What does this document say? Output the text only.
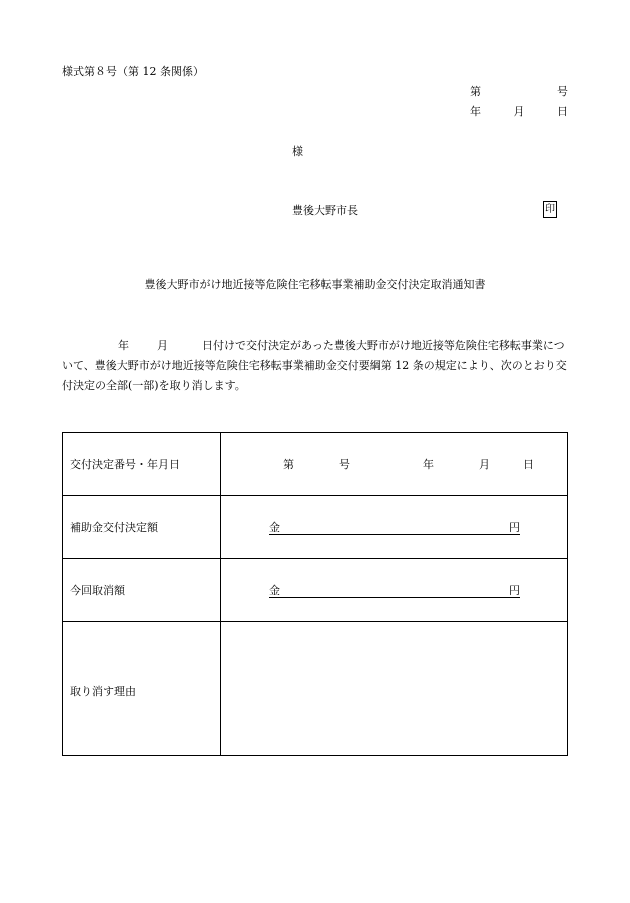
様式第８号（第 12 条関係）
第	号
年	月	日
様
豊後大野市長	印
豊後大野市がけ地近接等危険住宅移転事業補助金交付決定取消通知書
年	月	日付けで交付決定があった豊後大野市がけ地近接等危険住宅移転事業について、豊後大野市がけ地近接等危険住宅移転事業補助金交付要綱第 12 条の規定により、次のとおり交付決定の全部(一部)を取り消します。
交付決定番号・年月日	第	号	年	月	日
補助金交付決定額	金	円
今回取消額	金	円
取り消す理由
